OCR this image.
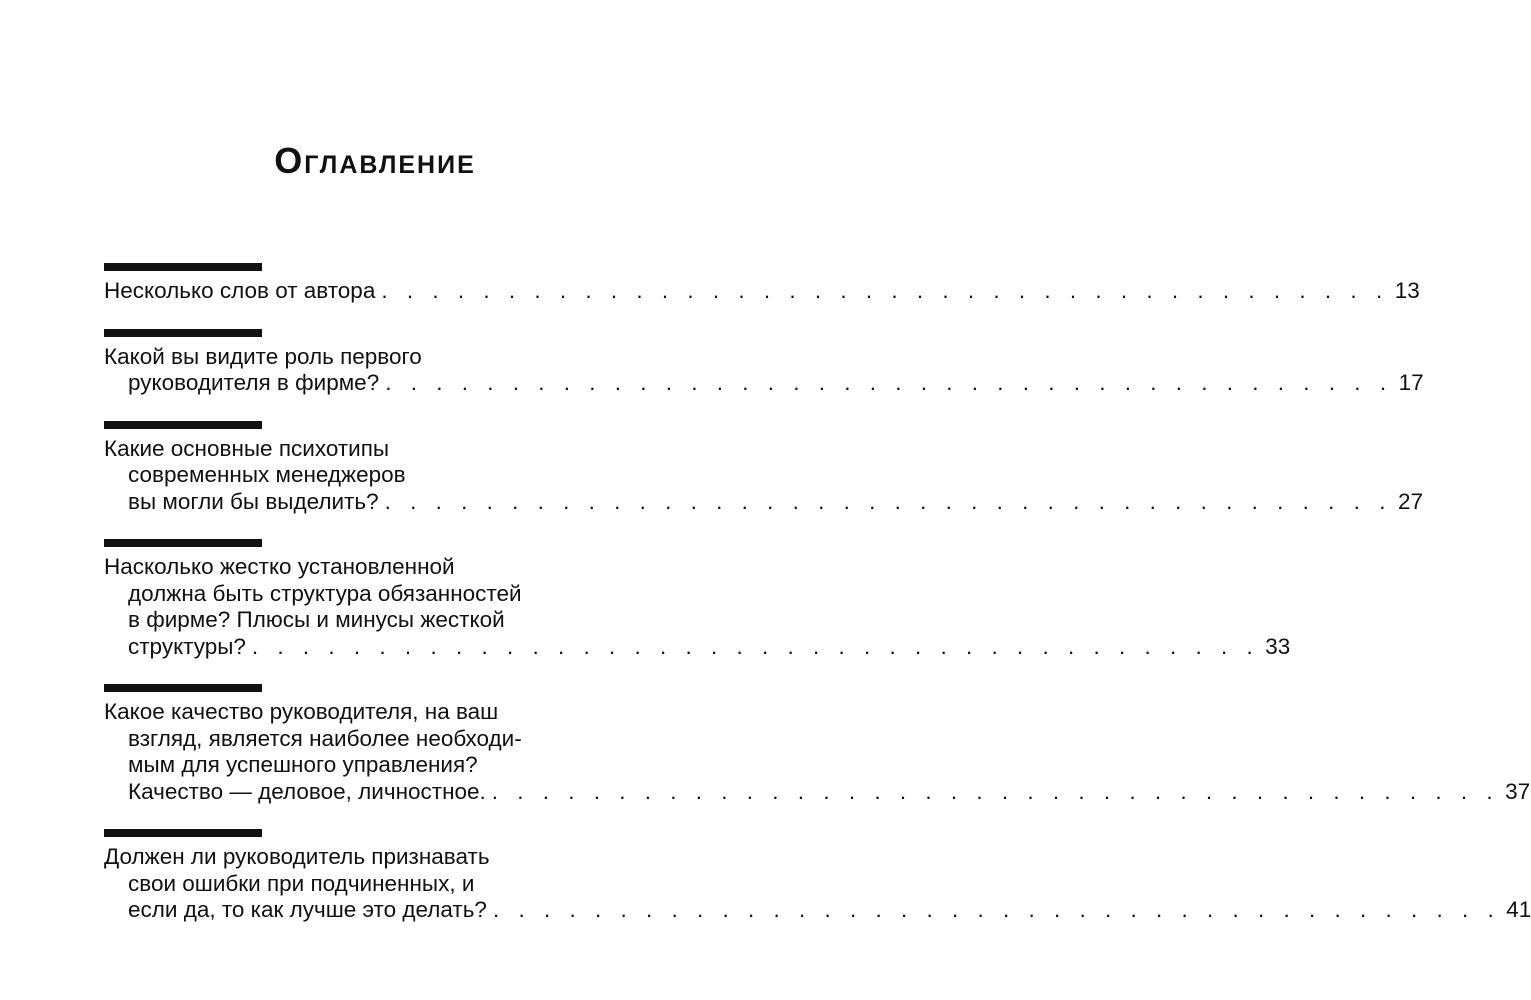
Оглавление
Несколько слов от автора . . . . . . . . . . . . . . . . . . . . . . . . . . . . . . . . . . . . . . . . 13
Какой вы видите роль первого
руководителя в фирме? . . . . . . . . . . . . . . . . . . . . . . . . . . . . . . . . . . . . . . . . 17
Какие основные психотипы
современных менеджеров
вы могли бы выделить? . . . . . . . . . . . . . . . . . . . . . . . . . . . . . . . . . . . . . . . . 27
Насколько жестко установленной
должна быть структура обязанностей
в фирме? Плюсы и минусы жесткой
структуры? . . . . . . . . . . . . . . . . . . . . . . . . . . . . . . . . . . . . . . . . 33
Какое качество руководителя, на ваш
взгляд, является наиболее необходи-
мым для успешного управления?
Качество — деловое, личностное. . . . . . . . . . . . . . . . . . . . . . . . . . . . . . . . . . . . . . . . . 37
Должен ли руководитель признавать
свои ошибки при подчиненных, и
если да, то как лучше это делать? . . . . . . . . . . . . . . . . . . . . . . . . . . . . . . . . . . . . . . . . 41
